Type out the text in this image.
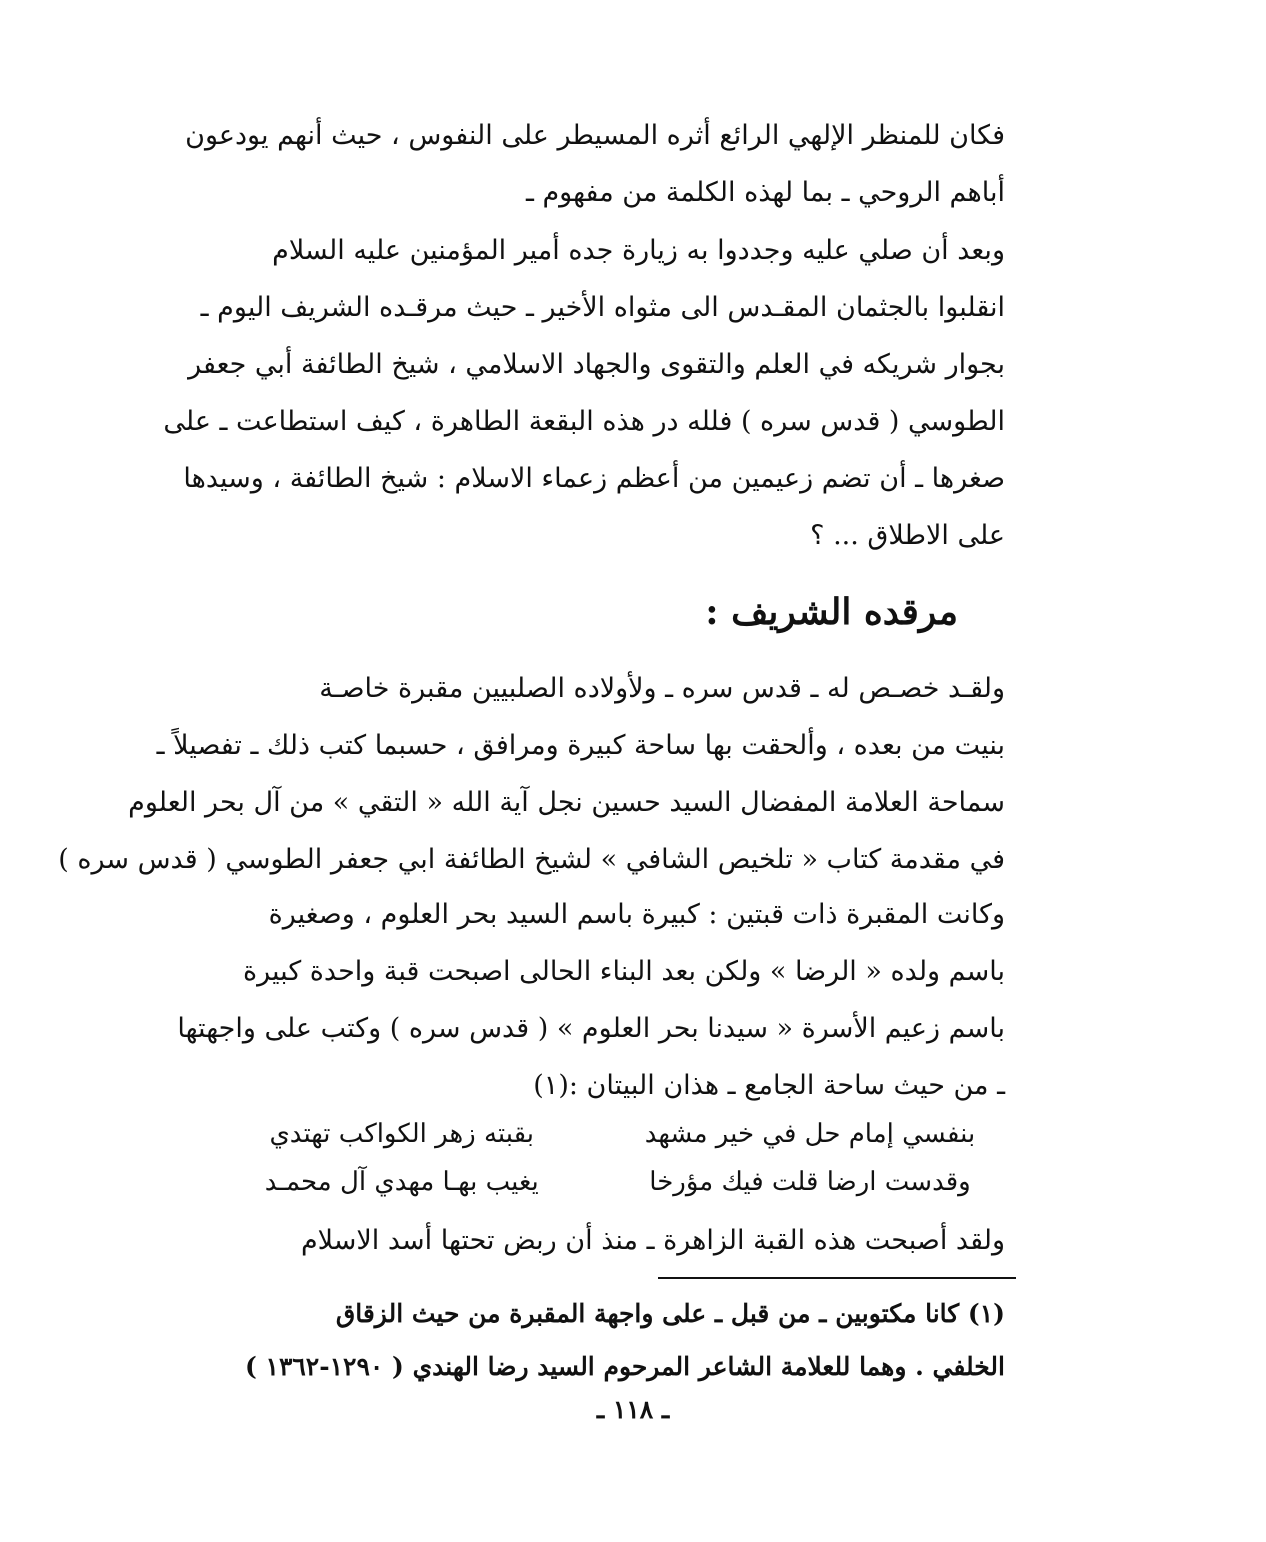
فكان للمنظر الإلهي الرائع أثره المسيطر على النفوس ، حيث أنهم يودعون
أباهم الروحي ـ بما لهذه الكلمة من مفهوم ـ
وبعد أن صلي عليه وجددوا به زيارة جده أمير المؤمنين عليه السلام
انقلبوا بالجثمان المقـدس الى مثواه الأخير ـ حيث مرقـده الشريف اليوم ـ
بجوار شريكه في العلم والتقوى والجهاد الاسلامي ، شيخ الطائفة أبي جعفر
الطوسي ( قدس سره ) فلله در هذه البقعة الطاهرة ، كيف استطاعت ـ على
صغرها ـ أن تضم زعيمين من أعظم زعماء الاسلام : شيخ الطائفة ، وسيدها
على الاطلاق ... ؟
مرقده الشريف :
ولقـد خصـص له ـ قدس سره ـ ولأولاده الصلبيين مقبرة خاصـة
بنيت من بعده ، وألحقت بها ساحة كبيرة ومرافق ، حسبما كتب ذلك ـ تفصيلاً ـ
سماحة العلامة المفضال السيد حسين نجل آية الله « التقي » من آل بحر العلوم
في مقدمة كتاب « تلخيص الشافي » لشيخ الطائفة ابي جعفر الطوسي ( قدس سره )
وكانت المقبرة ذات قبتين : كبيرة باسم السيد بحر العلوم ، وصغيرة
باسم ولده « الرضا » ولكن بعد البناء الحالى اصبحت قبة واحدة كبيرة
باسم زعيم الأسرة « سيدنا بحر العلوم » ( قدس سره ) وكتب على واجهتها
ـ من حيث ساحة الجامع ـ هذان البيتان :(١)
بنفسي إمام حل في خير مشهد بقبته زهر الكواكب تهتدي
وقدست ارضا قلت فيك مؤرخا يغيب بهـا مهدي آل محمـد
ولقد أصبحت هذه القبة الزاهرة ـ منذ أن ربض تحتها أسد الاسلام
(١) كانا مكتوبين ـ من قبل ـ على واجهة المقبرة من حيث الزقاق
الخلفي . وهما للعلامة الشاعر المرحوم السيد رضا الهندي ( ١٢٩٠-١٣٦٢ )
ـ ١١٨ ـ
